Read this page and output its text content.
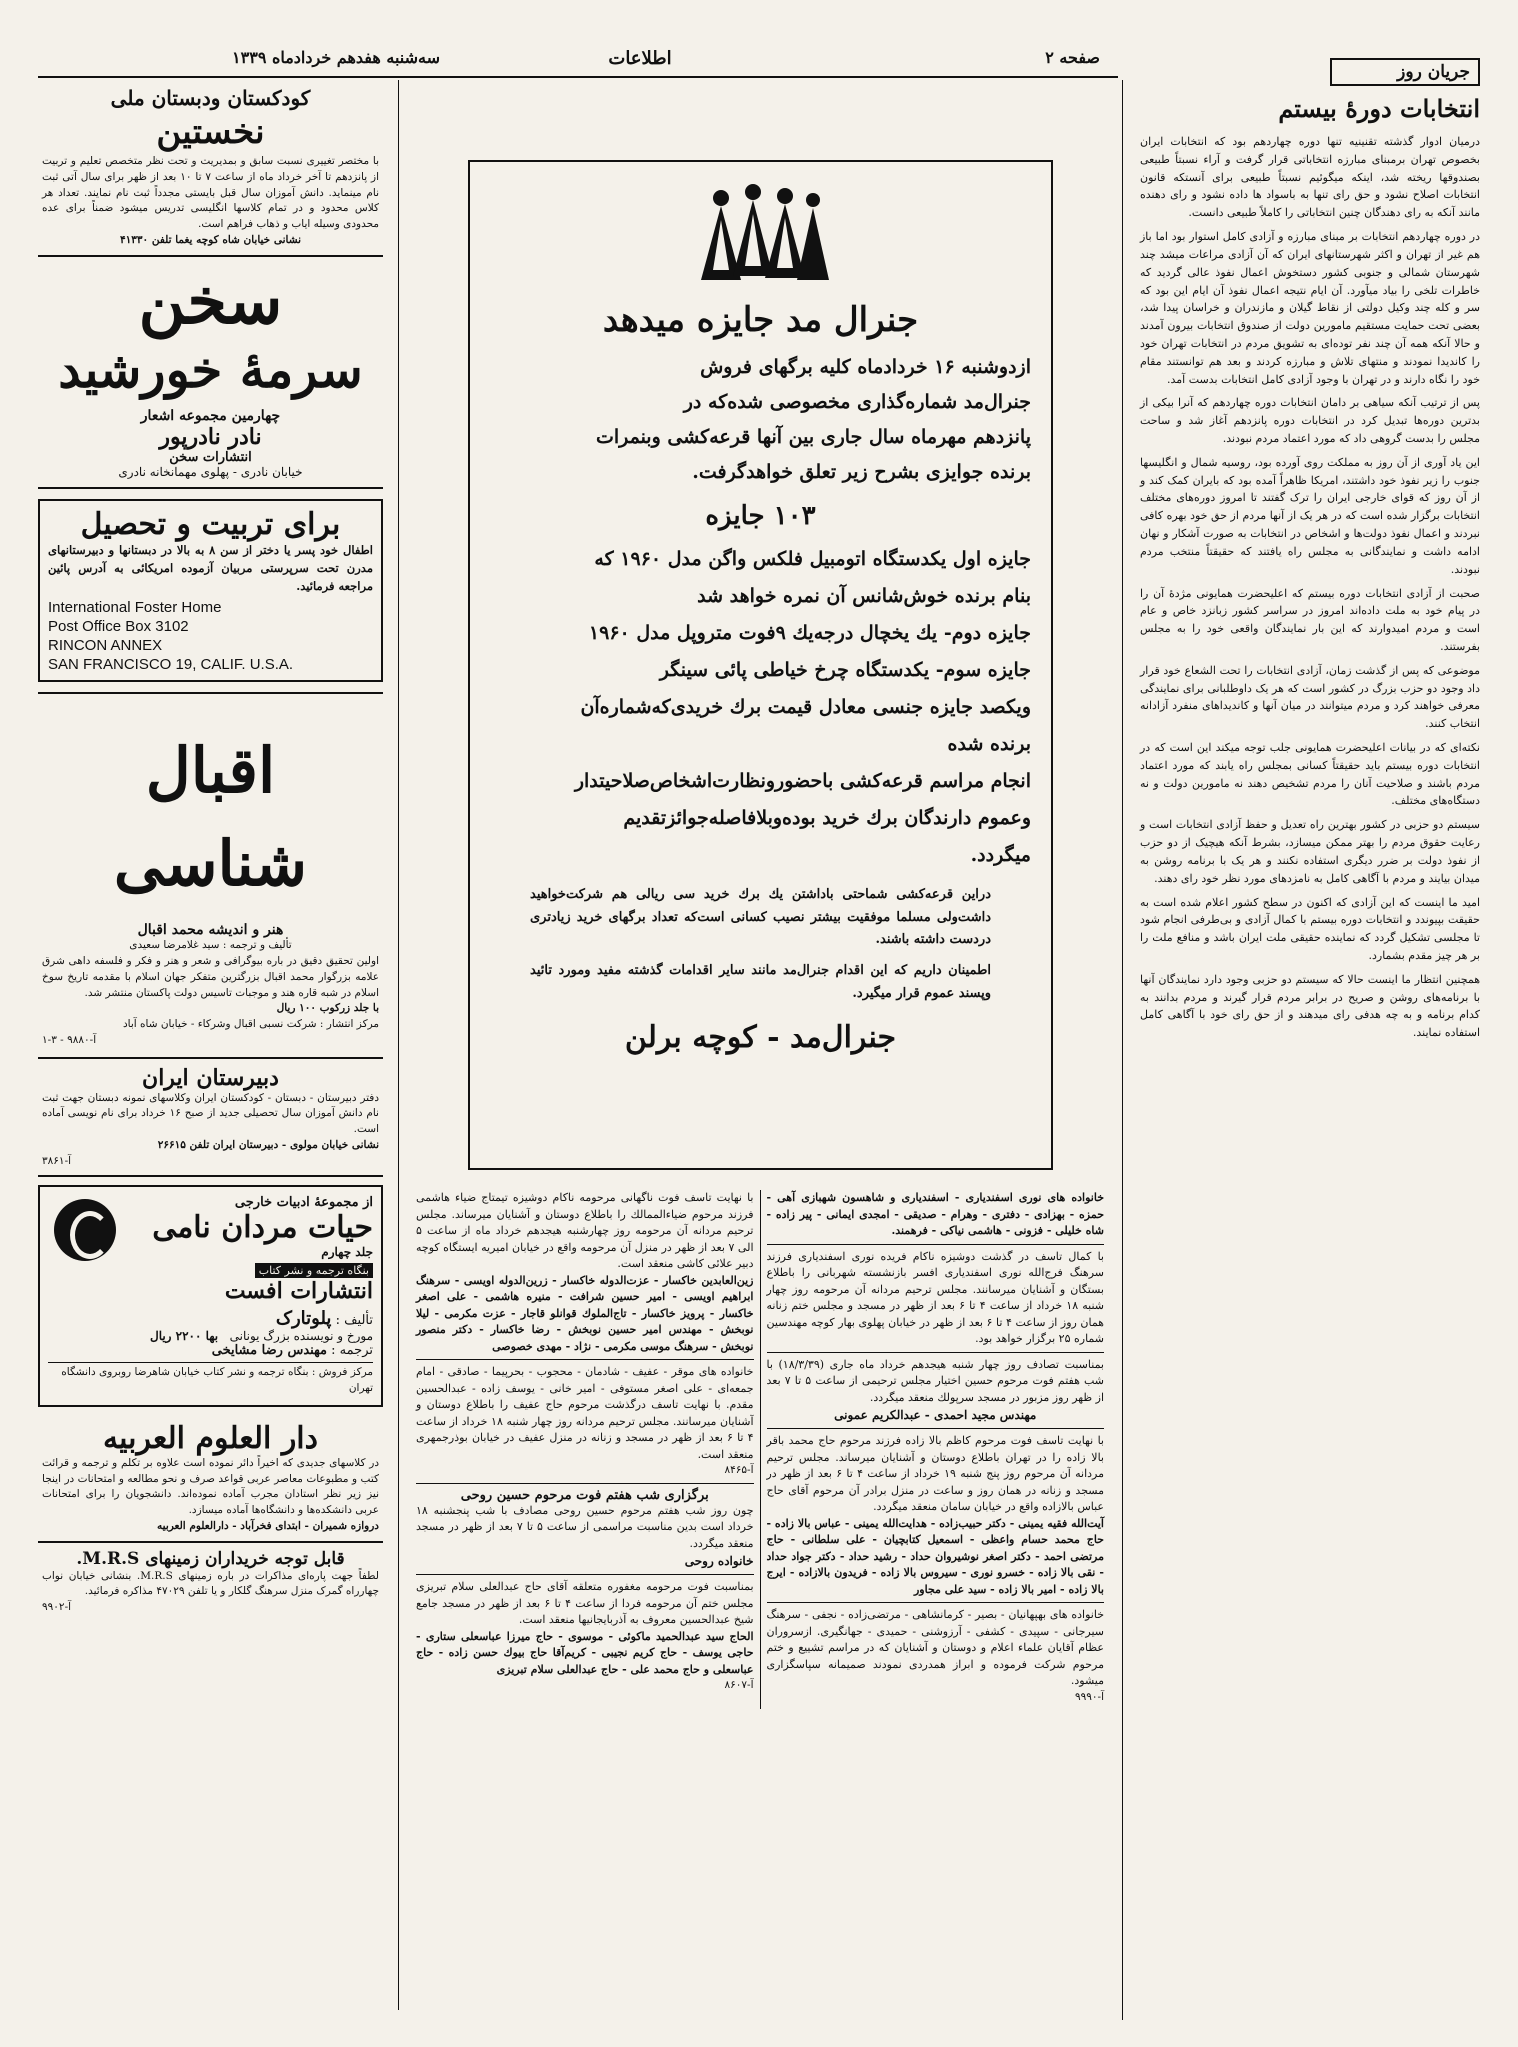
سه‌شنبه هفدهم خردادماه ۱۳۳۹	اطلاعات	صفحه ۲
جریان روز
انتخابات دورهٔ بیستم

درمیان ادوار گذشته تقنینیه تنها دوره چهاردهم بود که انتخابات ایران بخصوص تهران برمبنای مبارزه انتخاباتی قرار گرفت و آراء نسبتاً طبیعی بصندوقها ریخته شد، اینکه میگوئیم نسبتاً طبیعی برای آنستکه قانون انتخابات اصلاح نشود و حق رای تنها به باسواد ها داده نشود و رای دهنده مانند آنکه به رای دهندگان چنین انتخاباتی را کاملاً طبیعی دانست.

در دوره چهاردهم انتخابات بر مبنای مبارزه و آزادی کامل استوار بود اما باز هم غیر از تهران و اکثر شهرستانهای ایران که آن آزادی مراعات میشد چند شهرستان شمالی و جنوبی کشور دستخوش اعمال نفوذ عالی گردید که خاطرات تلخی را بیاد میآورد. آن ایام نتیجه اعمال نفوذ آن ایام این بود که سر و کله چند وکیل دولتی از نقاط گیلان و مازندران و خراسان پیدا شد، بعضی تحت حمایت مستقیم مامورین دولت از صندوق انتخابات بیرون آمدند و حالا آنکه همه آن چند نفر توده‌ای به تشویق مردم در انتخابات تهران خود را کاندیدا نمودند و منتهای تلاش و مبارزه کردند و بعد هم توانستند مقام خود را نگاه دارند و در تهران با وجود آزادی کامل انتخابات بدست آمد.

پس از ترتیب آنکه سیاهی بر دامان انتخابات دوره چهاردهم که آنرا بیکی از بدترین دوره‌ها تبدیل کرد در انتخابات دوره پانزدهم آغاز شد و ساحت مجلس را بدست گروهی داد که مورد اعتماد مردم نبودند.

این یاد آوری از آن روز به مملکت روی آورده بود، روسیه شمال و انگلیسها جنوب را زیر نفوذ خود داشتند، امریکا ظاهراً آمده بود که بایران کمک کند و از آن روز که قوای خارجی ایران را ترک گفتند تا امروز دوره‌های مختلف انتخابات برگزار شده است که در هر یک از آنها مردم از حق خود بهره کافی نبردند و اعمال نفوذ دولت‌ها و اشخاص در انتخابات به صورت آشکار و نهان ادامه داشت و نمایندگانی به مجلس راه یافتند که حقیقتاً منتخب مردم نبودند.

صحبت از آزادی انتخابات دوره بیستم که اعلیحضرت همایونی مژدهٔ آن را در پیام خود به ملت داده‌اند امروز در سراسر کشور زبانزد خاص و عام است و مردم امیدوارند که این بار نمایندگان واقعی خود را به مجلس بفرستند.

موضوعی که پس از گذشت زمان، آزادی انتخابات را تحت الشعاع خود قرار داد وجود دو حزب بزرگ در کشور است که هر یک داوطلبانی برای نمایندگی معرفی خواهند کرد و مردم میتوانند در میان آنها و کاندیداهای منفرد آزادانه انتخاب کنند.

نکته‌ای که در بیانات اعلیحضرت همایونی جلب توجه میکند این است که در انتخابات دوره بیستم باید حقیقتاً کسانی بمجلس راه یابند که مورد اعتماد مردم باشند و صلاحیت آنان را مردم تشخیص دهند نه مامورین دولت و نه دستگاه‌های مختلف.

سیستم دو حزبی در کشور بهترین راه تعدیل و حفظ آزادی انتخابات است و رعایت حقوق مردم را بهتر ممکن میسازد، بشرط آنکه هیچیک از دو حزب از نفوذ دولت بر ضرر دیگری استفاده نکنند و هر یک با برنامه روشن به میدان بیایند و مردم با آگاهی کامل به نامزدهای مورد نظر خود رای دهند.

امید ما اینست که این آزادی که اکنون در سطح کشور اعلام شده است به حقیقت بپیوندد و انتخابات دوره بیستم با کمال آزادی و بی‌طرفی انجام شود تا مجلسی تشکیل گردد که نماینده حقیقی ملت ایران باشد و منافع ملت را بر هر چیز مقدم بشمارد.

همچنین انتظار ما اینست حالا که سیستم دو حزبی وجود دارد نمایندگان آنها با برنامه‌های روشن و صریح در برابر مردم قرار گیرند و مردم بدانند به کدام برنامه و به چه هدفی رای میدهند و از حق رای خود با آگاهی کامل استفاده نمایند.

جنرال مد جایزه میدهد
ازدوشنبه ۱۶ خردادماه کلیه برگهای فروش
جنرال‌مد شماره‌گذاری مخصوصی شده‌که در
پانزدهم مهرماه سال جاری بین آنها قرعه‌کشی وبنمرات
برنده جوایزی بشرح زیر تعلق خواهدگرفت.
۱۰۳ جایزه
جایزه اول یکدستگاه اتومبیل فلکس واگن مدل ۱۹۶۰ که
بنام برنده خوش‌شانس آن نمره خواهد شد
جایزه دوم- یك یخچال درجه‌یك ۹فوت متروپل مدل ۱۹۶۰
جایزه سوم- یکدستگاه چرخ خیاطی پائی سینگر
ویکصد جایزه جنسی معادل قیمت برك خریدی‌كه‌شماره‌آن
برنده شده
انجام مراسم قرعه‌کشی باحضورونظارت‌اشخاص‌صلاحیتدار
وعموم دارندگان برك خرید بوده‌وبلافاصله‌جوائزتقدیم
میگردد.
دراین قرعه‌کشی شماحتی باداشتن یك برك خرید سی ریالی هم شرکت‌خواهید داشت‌ولی مسلما موفقیت بیشتر نصیب کسانی است‌که تعداد برگهای خرید زیادتری دردست داشته باشند.
اطمینان داریم که این اقدام جنرال‌مد مانند سایر اقدامات گذشته مفید ومورد تائید وپسند عموم قرار میگیرد.
جنرال‌مد - کوچه برلن
کودکستان ودبستان ملی
نخستین
با مختصر تغییری نسبت سابق و بمدیریت و تحت نظر متخصص تعلیم و تربیت از پانزدهم تا آخر خرداد ماه از ساعت ۷ تا ۱۰ بعد از ظهر برای سال آتی ثبت نام مینماید. دانش آموزان سال قبل بایستی مجدداً ثبت نام نمایند. تعداد هر کلاس محدود و در تمام کلاسها انگلیسی تدریس میشود ضمناً برای عده محدودی وسیله ایاب و ذهاب فراهم است.
نشانی خیابان شاه کوچه یغما تلفن ۴۱۳۳۰
سخن
سرمهٔ خورشید
چهارمین مجموعه اشعار
نادر نادرپور
انتشارات سخن
خیابان نادری - پهلوی مهمانخانه نادری
برای تربیت و تحصیل
اطفال خود پسر یا دختر از سن ۸ به بالا در دبستانها و دبیرستانهای مدرن تحت سرپرستی مربیان آزموده امریکائی به آدرس پائین مراجعه فرمائید.
International Foster Home
Post Office Box 3102
RINCON ANNEX
SAN FRANCISCO 19, CALIF. U.S.A.
اقبال شناسی
هنر و اندیشه محمد اقبال
تألیف و ترجمه : سید غلامرضا سعیدی
اولین تحقیق دقیق در باره بیوگرافی و شعر و هنر و فکر و فلسفه داهی شرق علامه بزرگوار محمد اقبال بزرگترین متفکر جهان اسلام با مقدمه تاریخ سوخ اسلام در شبه قاره هند و موجبات تاسیس دولت پاکستان منتشر شد.
با جلد زرکوب ۱۰۰ ریال
مرکز انتشار : شرکت نسبی اقبال وشرکاء - خیابان شاه آباد
آ-۹۸۸۰ - ۳-۱
دبیرستان ایران
دفتر دبیرستان - دبستان - کودکستان ایران وکلاسهای نمونه دبستان جهت ثبت نام دانش آموزان سال تحصیلی جدید از صبح ۱۶ خرداد برای نام نویسی آماده است.
نشانی خیابان مولوی - دبیرستان ایران تلفن ۲۶۶۱۵
آ-۳۸۶۱
از مجموعهٔ ادبیات خارجی
حیات مردان نامی
جلد چهارم
بنگاه ترجمه و نشر کتاب
انتشارات افست
تألیف : پلوتارک
مورخ و نویسنده بزرگ یونانی   بها ۲۲۰۰ ریال
ترجمه : مهندس رضا مشایخی
مرکز فروش : بنگاه ترجمه و نشر کتاب خیابان شاهرضا روبروی دانشگاه تهران
دار العلوم العربیه
در کلاسهای جدیدی که اخیراً دائر نموده است علاوه بر تکلم و ترجمه و قرائت کتب و مطبوعات معاصر عربی قواعد صرف و نحو مطالعه و امتحانات در اینجا نیز زیر نظر استادان مجرب آماده نموده‌اند. دانشجویان را برای امتحانات عربی دانشکده‌ها و دانشگاه‌ها آماده میسازد.
دروازه شمیران - ابتدای فخرآباد - دارالعلوم العربیه
قابل توجه خریداران زمینهای M.R.S.
لطفاً جهت پاره‌ای مذاکرات در باره زمینهای M.R.S. بنشانی خیابان نواب چهارراه گمرک منزل سرهنگ گلکار و یا تلفن ۴۷۰۲۹ مذاکره فرمائید.
آ-۹۹۰۲
خانواده های نوری اسفندیاری - اسفندیاری و شاهسون شهبازی آهی - حمزه - بهزادی - دفتری - وهرام - صدیقی - امجدی ایمانی - پیر زاده - شاه خلیلی - فزونی - هاشمی نیاکی - فرهمند.
با کمال تاسف در گذشت دوشیزه ناکام فریده نوری اسفندیاری فرزند سرهنگ فرج‌الله نوری اسفندیاری افسر بازنشسته شهربانی را باطلاع بستگان و آشنایان میرسانند. مجلس ترحیم مردانه آن مرحومه روز چهار شنبه ۱۸ خرداد از ساعت ۴ تا ۶ بعد از ظهر در مسجد و مجلس ختم زنانه همان روز از ساعت ۴ تا ۶ بعد از ظهر در خیابان پهلوی بهار کوچه مهندسین شماره ۲۵ برگزار خواهد بود.
بمناسبت تصادف روز چهار شنبه هیجدهم خرداد ماه جاری (۱۸/۳/۳۹) با شب هفتم فوت مرحوم حسین اختیار مجلس ترحیمی از ساعت ۵ تا ۷ بعد از ظهر روز مزبور در مسجد سرپولك منعقد میگردد.
مهندس مجید احمدی - عبدالکریم عمونی
با نهایت تاسف فوت مرحوم کاظم بالا زاده فرزند مرحوم حاج محمد باقر بالا زاده را در تهران باطلاع دوستان و آشنایان میرساند. مجلس ترحیم مردانه آن مرحوم روز پنج شنبه ۱۹ خرداد از ساعت ۴ تا ۶ بعد از ظهر در مسجد و زنانه در همان روز و ساعت در منزل برادر آن مرحوم آقای حاج عباس بالازاده واقع در خیابان سامان منعقد میگردد.
آیت‌الله فقیه یمینی - دکتر حبیب‌زاده - هدایت‌الله یمینی - عباس بالا زاده - حاج محمد حسام واعظی - اسمعیل کتابچیان - علی سلطانی - حاج مرتضی احمد - دکتر اصغر نوشیروان حداد - رشید حداد - دکتر جواد حداد - نقی بالا زاده - خسرو نوری - سیروس بالا زاده - فریدون بالازاده - ایرج بالا زاده - امیر بالا زاده - سید علی مجاور
خانواده های بهپهانیان - بصیر - کرمانشاهی - مرتضی‌زاده - نجفی - سرهنگ سیرجانی - سپیدی - کشفی - آرزوشنی - حمیدی - جهانگیری. ازسروران عظام آقایان علماء اعلام و دوستان و آشنایان که در مراسم تشییع و ختم مرحوم شرکت فرموده و ابراز همدردی نمودند صمیمانه سپاسگزاری میشود.
آ-۹۹۹۰
با نهایت تاسف فوت ناگهانی مرحومه ناکام دوشیزه تیمتاج ضیاء هاشمی فرزند مرحوم ضیاءالممالك را باطلاع دوستان و آشنایان میرساند. مجلس ترحیم مردانه آن مرحومه روز چهارشنبه هیجدهم خرداد ماه از ساعت ۵ الی ۷ بعد از ظهر در منزل آن مرحومه واقع در خیابان امیریه ایستگاه کوچه دبیر علائی کاشی منعقد است.
زین‌العابدین خاکسار - عزت‌الدوله خاکسار - زرین‌الدوله اویسی - سرهنگ ابراهیم اویسی - امیر حسین شرافت - منیره هاشمی - علی اصغر خاکسار - پرویز خاکسار - تاج‌الملوك قوانلو قاجار - عزت مکرمی - لیلا نوبخش - مهندس امیر حسین نوبخش - رضا خاکسار - دکتر منصور نوبخش - سرهنگ موسی مکرمی - نژاد - مهدی خصوصی
خانواده های موقر - عفیف - شادمان - محجوب - بحرپیما - صادقی - امام جمعه‌ای - علی اصغر مستوفی - امیر خانی - یوسف زاده - عبدالحسین مقدم. با نهایت تاسف درگذشت مرحوم حاج عفیف را باطلاع دوستان و آشنایان میرسانند. مجلس ترحیم مردانه روز چهار شنبه ۱۸ خرداد از ساعت ۴ تا ۶ بعد از ظهر در مسجد و زنانه در منزل عفیف در خیابان بوذرجمهری منعقد است.
آ-۸۴۶۵
برگزاری شب هفتم فوت مرحوم حسین روحی
چون روز شب هفتم مرحوم حسین روحی مصادف با شب پنجشنبه ۱۸ خرداد است بدین مناسبت مراسمی از ساعت ۵ تا ۷ بعد از ظهر در مسجد منعقد میگردد.
خانواده روحی
بمناسبت فوت مرحومه مغفوره متعلقه آقای حاج عبدالعلی سلام تبریزی مجلس ختم آن مرحومه فردا از ساعت ۴ تا ۶ بعد از ظهر در مسجد جامع شیخ عبدالحسین معروف به آذربایجانیها منعقد است.
الحاج سید عبدالحمید ماکوئی - موسوی - حاج میرزا عباسعلی ستاری - حاجی یوسف - حاج کریم نجیبی - کریم‌آقا حاج بیوك حسن زاده - حاج عباسعلی و حاج محمد علی - حاج عبدالعلی سلام تبریزی
آ-۸۶۰۷
